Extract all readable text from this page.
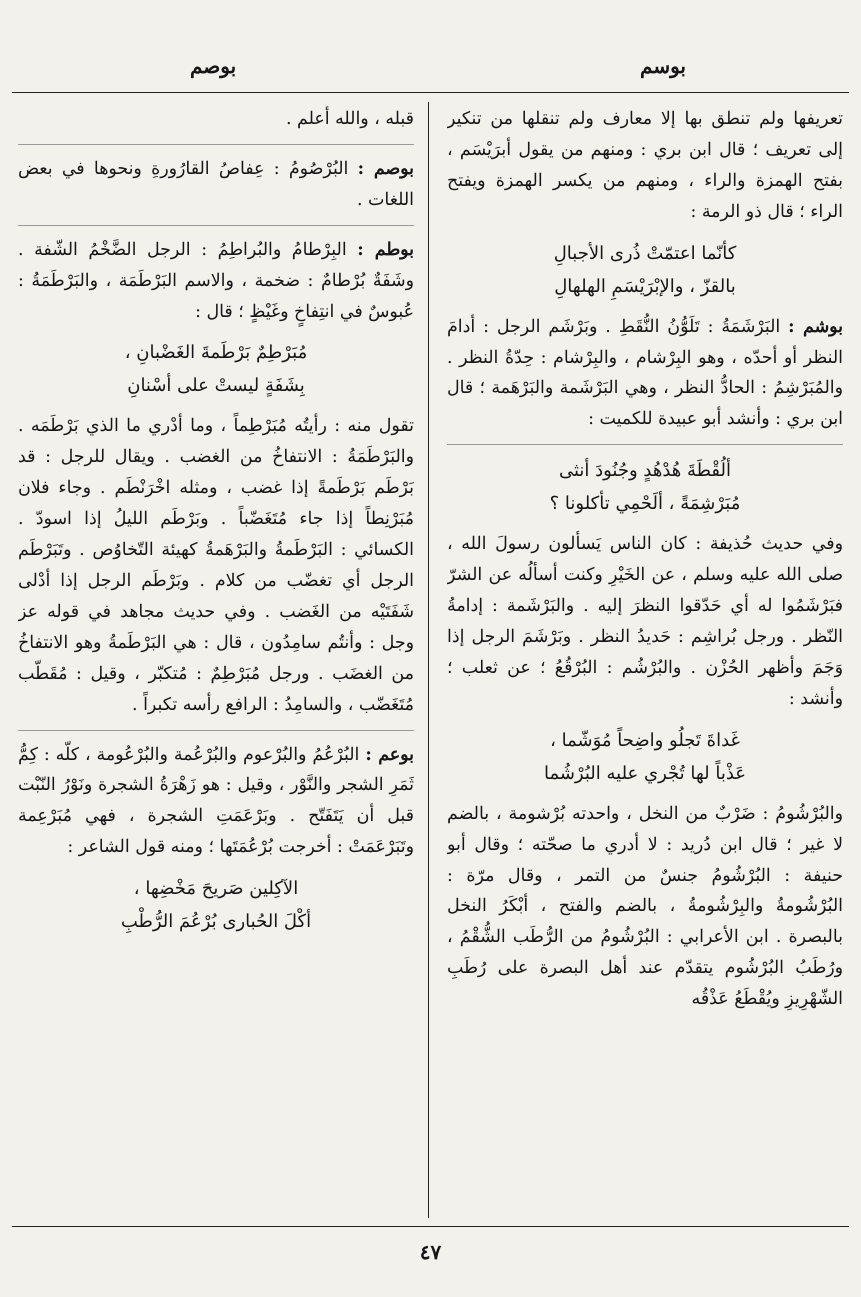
بوسم
بوصم

تعريفها ولم تنطق بها إلا معارف ولم تنقلها من تنكير إلى تعريف ؛ قال ابن بري : ومنهم من يقول أبرَيْسَم ، بفتح الهمزة والراء ، ومنهم من يكسر الهمزة ويفتح الراء ؛ قال ذو الرمة :

كأنّما اعتمّتْ ذُرى الأجبالِ
بالقزّ ، والإبْرَيْسَمِ الهلهالِ

بوشم : البَرْشَمَةُ : تَلَوُّنُ النُّقَطِ . وبَرْشَم الرجل : أدامَ النظر أو أحدّه ، وهو البِرْشام ، والبِرْشام : حِدّةُ النظر . والمُبَرْشِمُ : الحادُّ النظر ، وهي البَرْشَمة والبَرْهَمة ؛ قال ابن بري : وأنشد أبو عبيدة للكميت :

ألُقْطَةَ هُدْهُدٍ وجُنُودَ أنثى
مُبَرْشِمَةً ، ألَحْمِي تأكلونا ؟

وفي حديث حُذيفة : كان الناس يَسألون رسولَ الله ، صلى الله عليه وسلم ، عن الخَيْرِ وكنت أسألُه عن الشرّ فبَرْشَمُوا له أي حَدّقوا النظرَ إليه . والبَرْشَمة : إدامةُ النّظر . ورجل بُراشِم : حَديدُ النظر . وبَرْشَمَ الرجل إذا وَجَمَ وأظهر الحُزْن . والبُرْشُم : البُرْقُعُ ؛ عن ثعلب ؛ وأنشد :

غَداةَ تَجلُو واضِحاً مُوَشّما ،
عَذْباً لها تُجْري عليه البُرْشُما

والبُرْشُومُ : ضَرْبٌ من النخل ، واحدته بُرْشومة ، بالضم لا غير ؛ قال ابن دُريد : لا أدري ما صحّته ؛ وقال أبو حنيفة : البُرْشُومُ جنسٌ من التمر ، وقال مرّة : البُرْشُومةُ والبِرْشُومةُ ، بالضم والفتح ، أبْكَرُ النخل بالبصرة . ابن الأعرابي : البُرْشُومُ من الرُّطَب الشُّقْمُ ، ورُطَبُ البُرْشُوم يتقدّم عند أهل البصرة على رُطَبِ الشّهْرِيزِ ويُقْطَعُ عَذْقُه

قبله ، والله أعلم .

بوصم : البُرْصُومُ : عِفاصُ القارُورةِ ونحوها في بعض اللغات .

بوطم : البِرْطامُ والبُراطِمُ : الرجل الضَّخْمُ الشّفة . وشَفَةٌ بُرْطامٌ : ضخمة ، والاسم البَرْطَمَة ، والبَرْطَمَةُ : عُبوسٌ في انتِفاخٍ وغَيْظٍ ؛ قال :

مُبَرْطِمٌ بَرْطَمةَ الغَضْبانِ ،
بِشَفَةٍ ليستْ على أسْنانِ

تقول منه : رأيتُه مُبَرْطِماً ، وما أدْري ما الذي بَرْطَمَه . والبَرْطَمَةُ : الانتفاخُ من الغضب . ويقال للرجل : قد بَرْطَم بَرْطَمةً إذا غضب ، ومثله اخْرَنْطَم . وجاء فلان مُبَرْنِطاً إذا جاء مُتَغَضّباً . وبَرْطَم الليلُ إذا اسودّ . الكسائي : البَرْطَمةُ والبَرْهَمةُ كهيئة التّخاوُص . وتَبَرْطَم الرجل أي تغضّب من كلام . وبَرْطَم الرجل إذا أدْلى شَفَتَيْه من الغَضب . وفي حديث مجاهد في قوله عز وجل : وأنتُم سامِدُون ، قال : هي البَرْطَمةُ وهو الانتفاخُ من الغضَب . ورجل مُبَرْطِمٌ : مُتكبّر ، وقيل : مُقَطّب مُتَغَضّب ، والسامِدُ : الرافع رأسه تكبراً .

بوعم : البُرْعُمُ والبُرْعوم والبُرْعُمة والبُرْعُومة ، كلّه : كِمُّ ثَمَرِ الشجر والنَّوْر ، وقيل : هو زَهْرَةُ الشجرة ونَوْرُ النّبْت قبل أن يَتَفَتّح . وبَرْعَمَتِ الشجرة ، فهي مُبَرْعِمة وتَبَرْعَمَتْ : أخرجت بُرْعُمَتَها ؛ ومنه قول الشاعر :

الآكِلين صَريحَ مَخْضِها ،
أكْلَ الحُبارى بُرْعُمَ الرُّطْبِ
٤٧
